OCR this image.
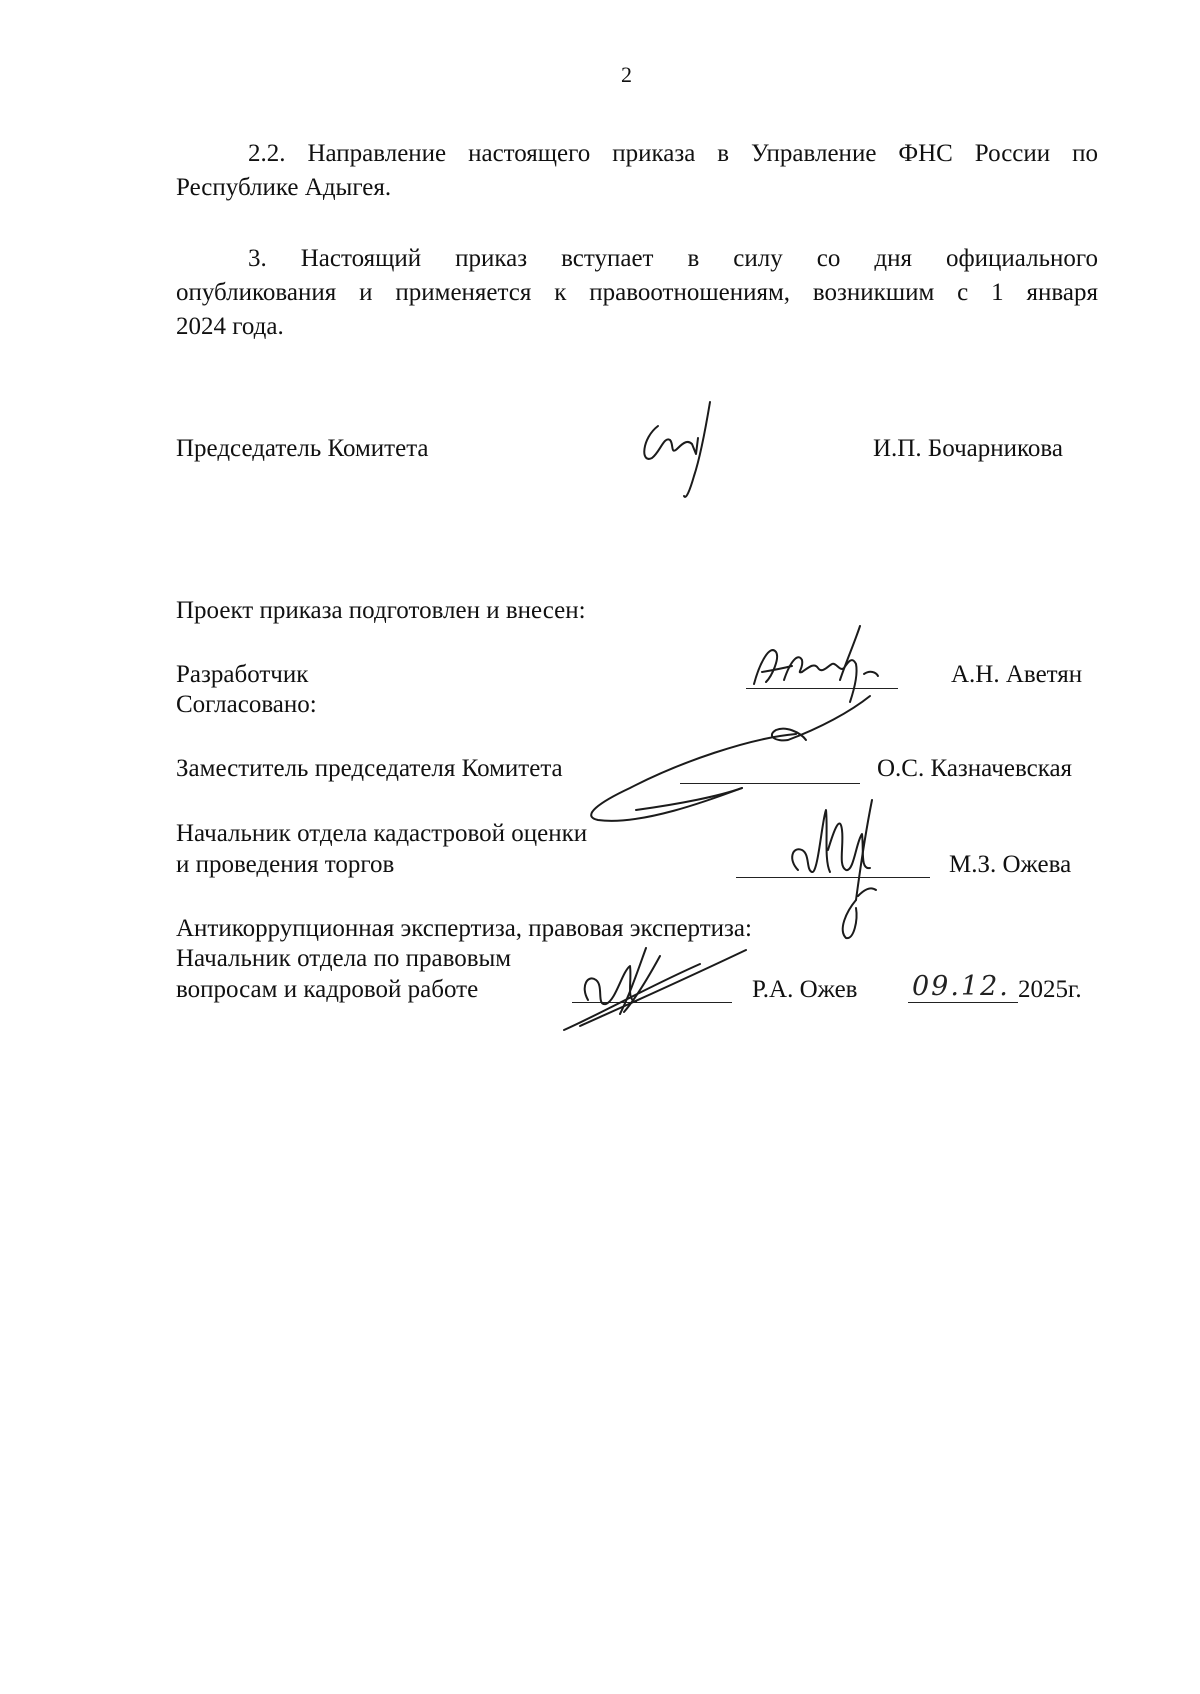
2
2.2. Направление настоящего приказа в Управление ФНС России по
Республике Адыгея.
3. Настоящий приказ вступает в силу со дня официального
опубликования и применяется к правоотношениям, возникшим с 1 января
2024 года.
Председатель Комитета	И.П. Бочарникова
Проект приказа подготовлен и внесен:
Разработчик	А.Н. Аветян
Согласовано:
Заместитель председателя Комитета	О.С. Казначевская
Начальник отдела кадастровой оценки
и проведения торгов	М.З. Ожева
Антикоррупционная экспертиза, правовая экспертиза:
Начальник отдела по правовым
вопросам и кадровой работе	Р.А. Ожев 09.12. 2025г.
